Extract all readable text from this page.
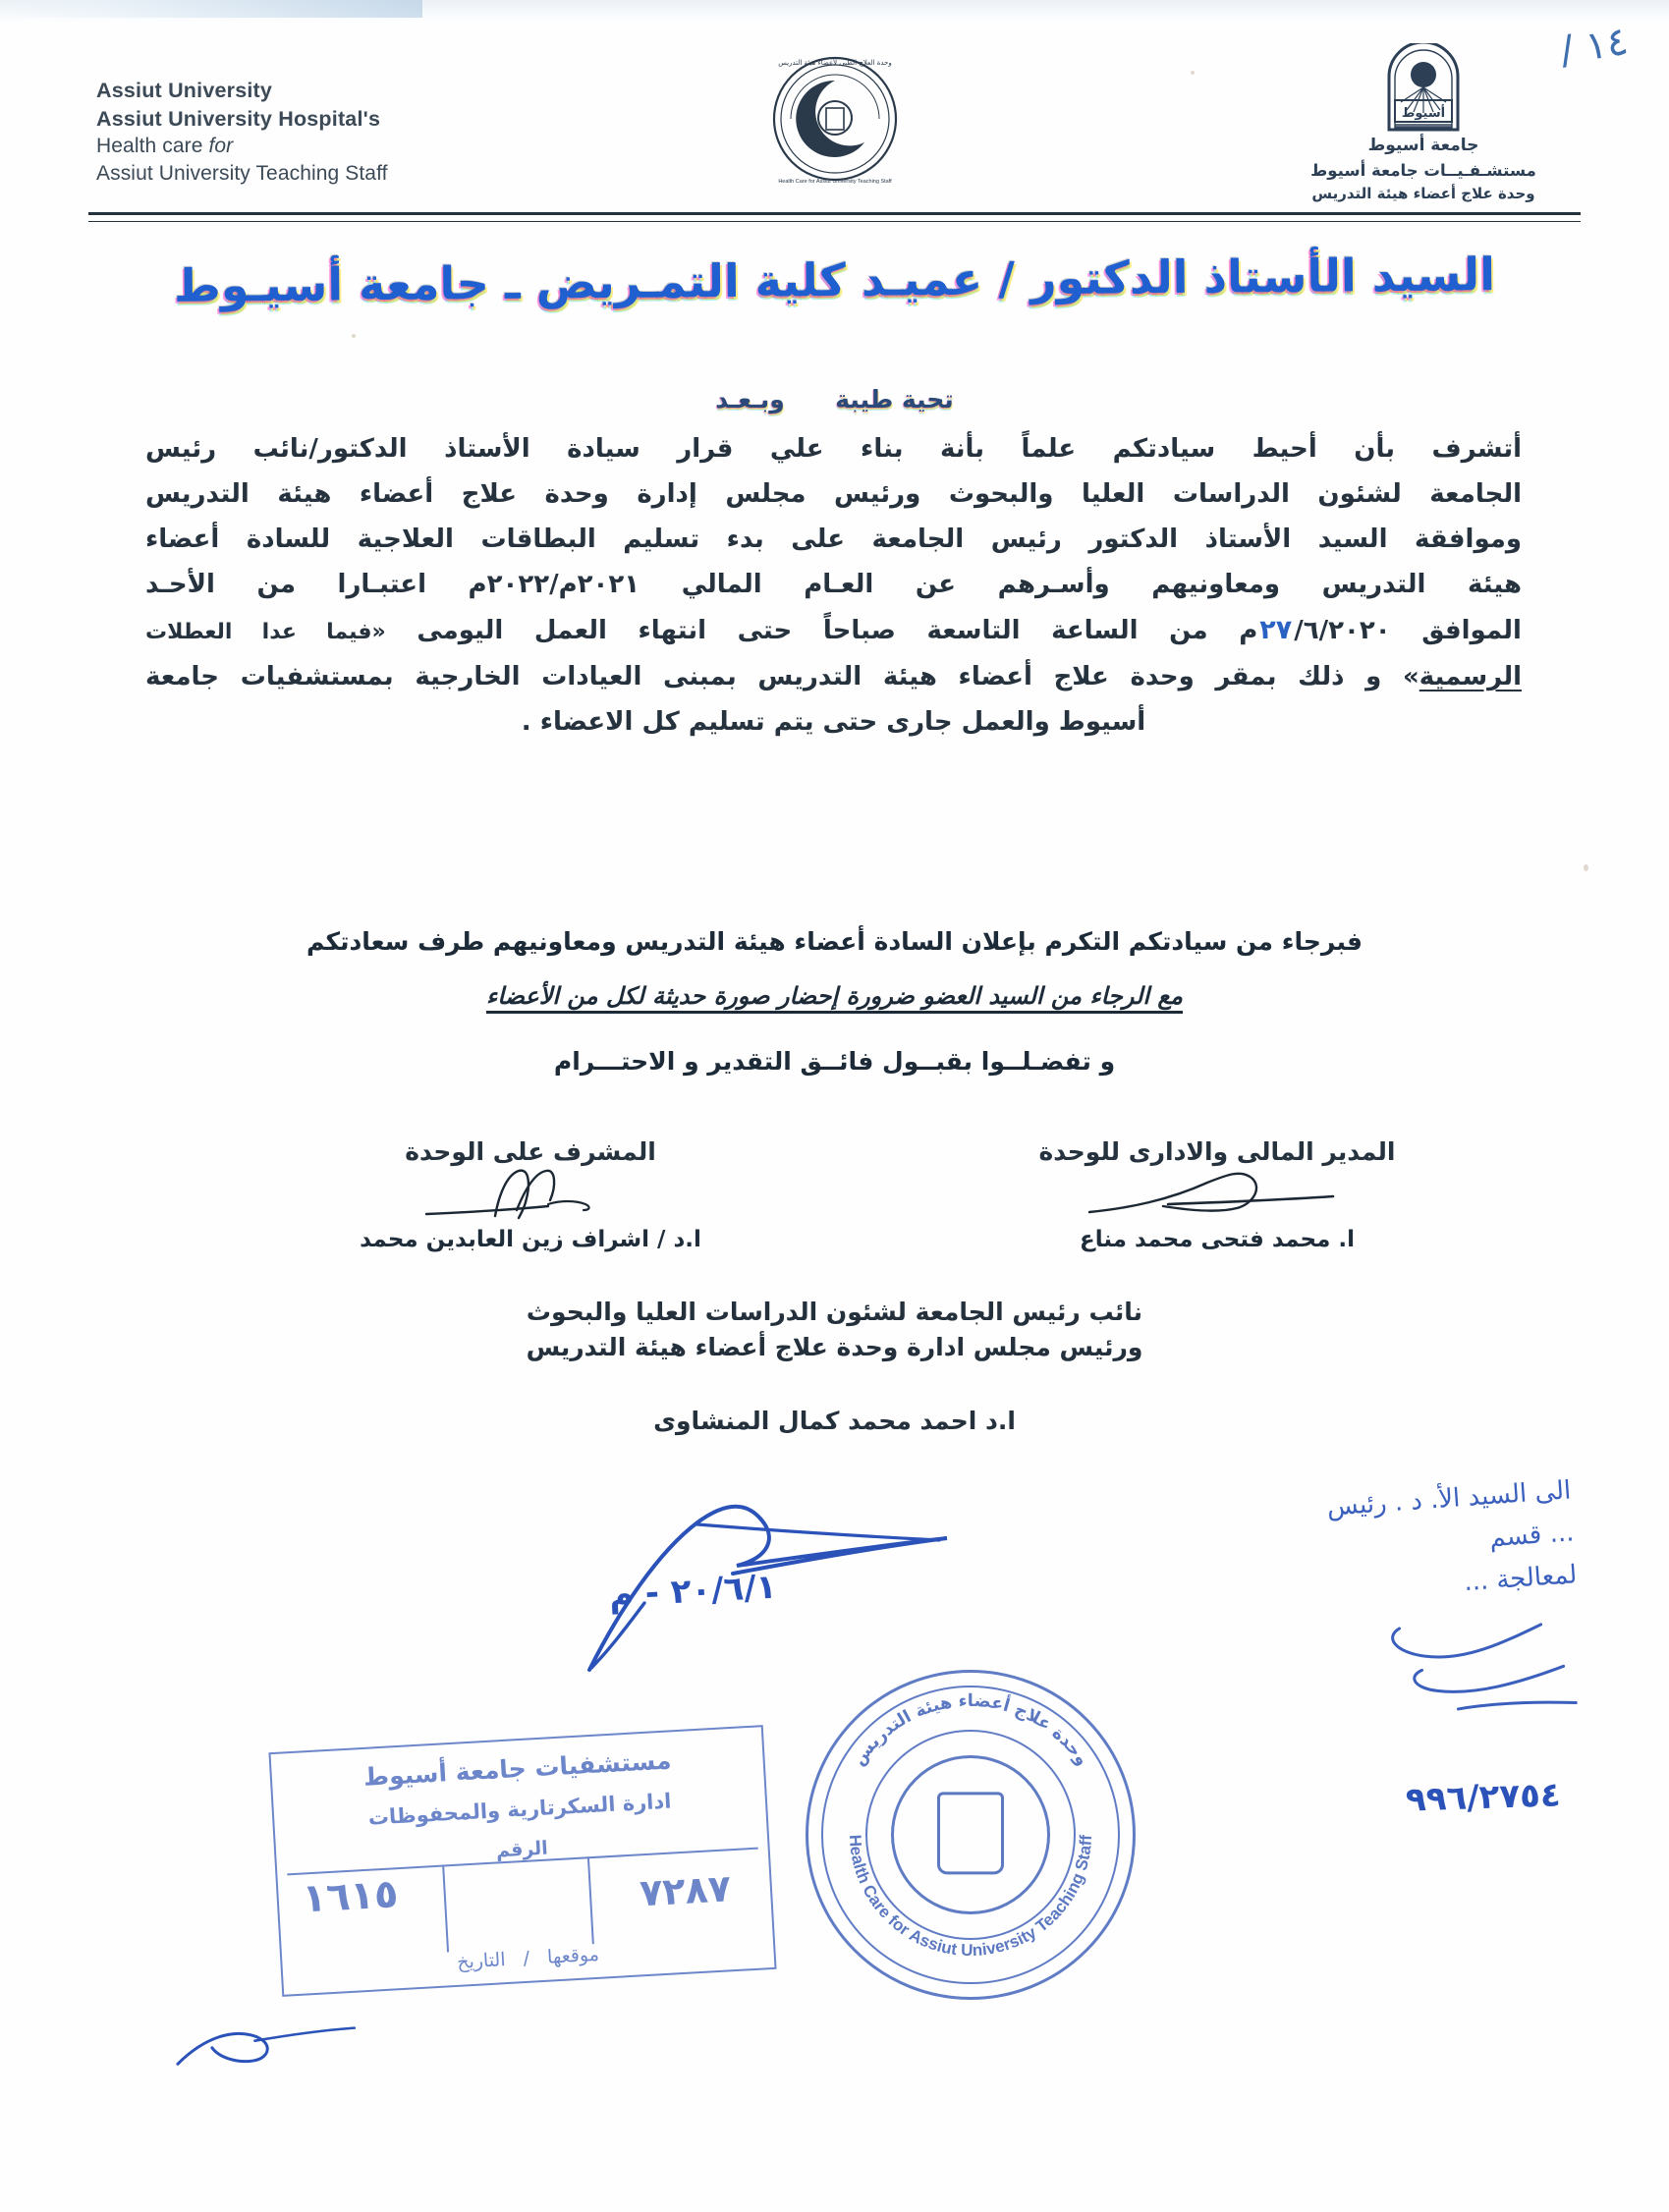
Assiut University
Assiut University Hospital's
Health care for
Assiut University Teaching Staff
وحدة العلاج الطبى لأعضاء هيئة التدريس
Health Care for Assiut University Teaching Staff
أسيوط
جامعة أسيوط
مستشـفـيــات جامعة أسيوط
وحدة علاج أعضاء هيئة التدريس
١٤ /
السيد الأستاذ الدكتور / عميـد كلية التمـريض ـ جامعة أسيـوط
تحية طيبة  وبـعـد

أتشرف بأن أحيط سيادتكم علماً بأنة بناء علي قرار سيادة الأستاذ الدكتور/نائب رئيس

الجامعة لشئون الدراسات العليا والبحوث ورئيس مجلس إدارة وحدة علاج أعضاء هيئة التدريس

وموافقة السيد الأستاذ الدكتور رئيس الجامعة على بدء تسليم البطاقات العلاجية للسادة أعضاء

هيئة التدريس ومعاونيهم وأسـرهم عن العـام المالي ٢٠٢١م/٢٠٢٢م اعتبـارا من الأحـد

الموافق ٢٧/٦/٢٠٢٠م من الساعة التاسعة صباحاً حتى انتهاء العمل اليومى «فيما عدا العطلات

الرسمية» و ذلك بمقر وحدة علاج أعضاء هيئة التدريس بمبنى العيادات الخارجية بمستشفيات جامعة

أسيوط والعمل جارى حتى يتم تسليم كل الاعضاء .

فبرجاء من سيادتكم التكرم بإعلان السادة أعضاء هيئة التدريس ومعاونيهم طرف سعادتكم
مع الرجاء من السيد العضو ضرورة إحضار صورة حديثة لكل من الأعضاء
و تفضـلــوا بقبــول فائــق التقدير و الاحتـــرام
المدير المالى والادارى للوحدة
ا. محمد فتحى محمد مناع
المشرف على الوحدة
ا.د / اشراف زين العابدين محمد
نائب رئيس الجامعة لشئون الدراسات العليا والبحوث
ورئيس مجلس ادارة وحدة علاج أعضاء هيئة التدريس
ا.د احمد محمد كمال المنشاوى
٢٠/٦/١ - م
مستشفيات جامعة أسيوط
ادارة السكرتارية والمحفوظات
الرقم
١٦١٥	٧٢٨٧
موقعها   /   التاريخ
وحدة علاج أعضاء هيئة التدريس
Health Care for Assiut University Teaching Staff
الى السيد الأ. د . رئيس
... قسم
لمعالجة ...
٩٩٦/٢٧٥٤
